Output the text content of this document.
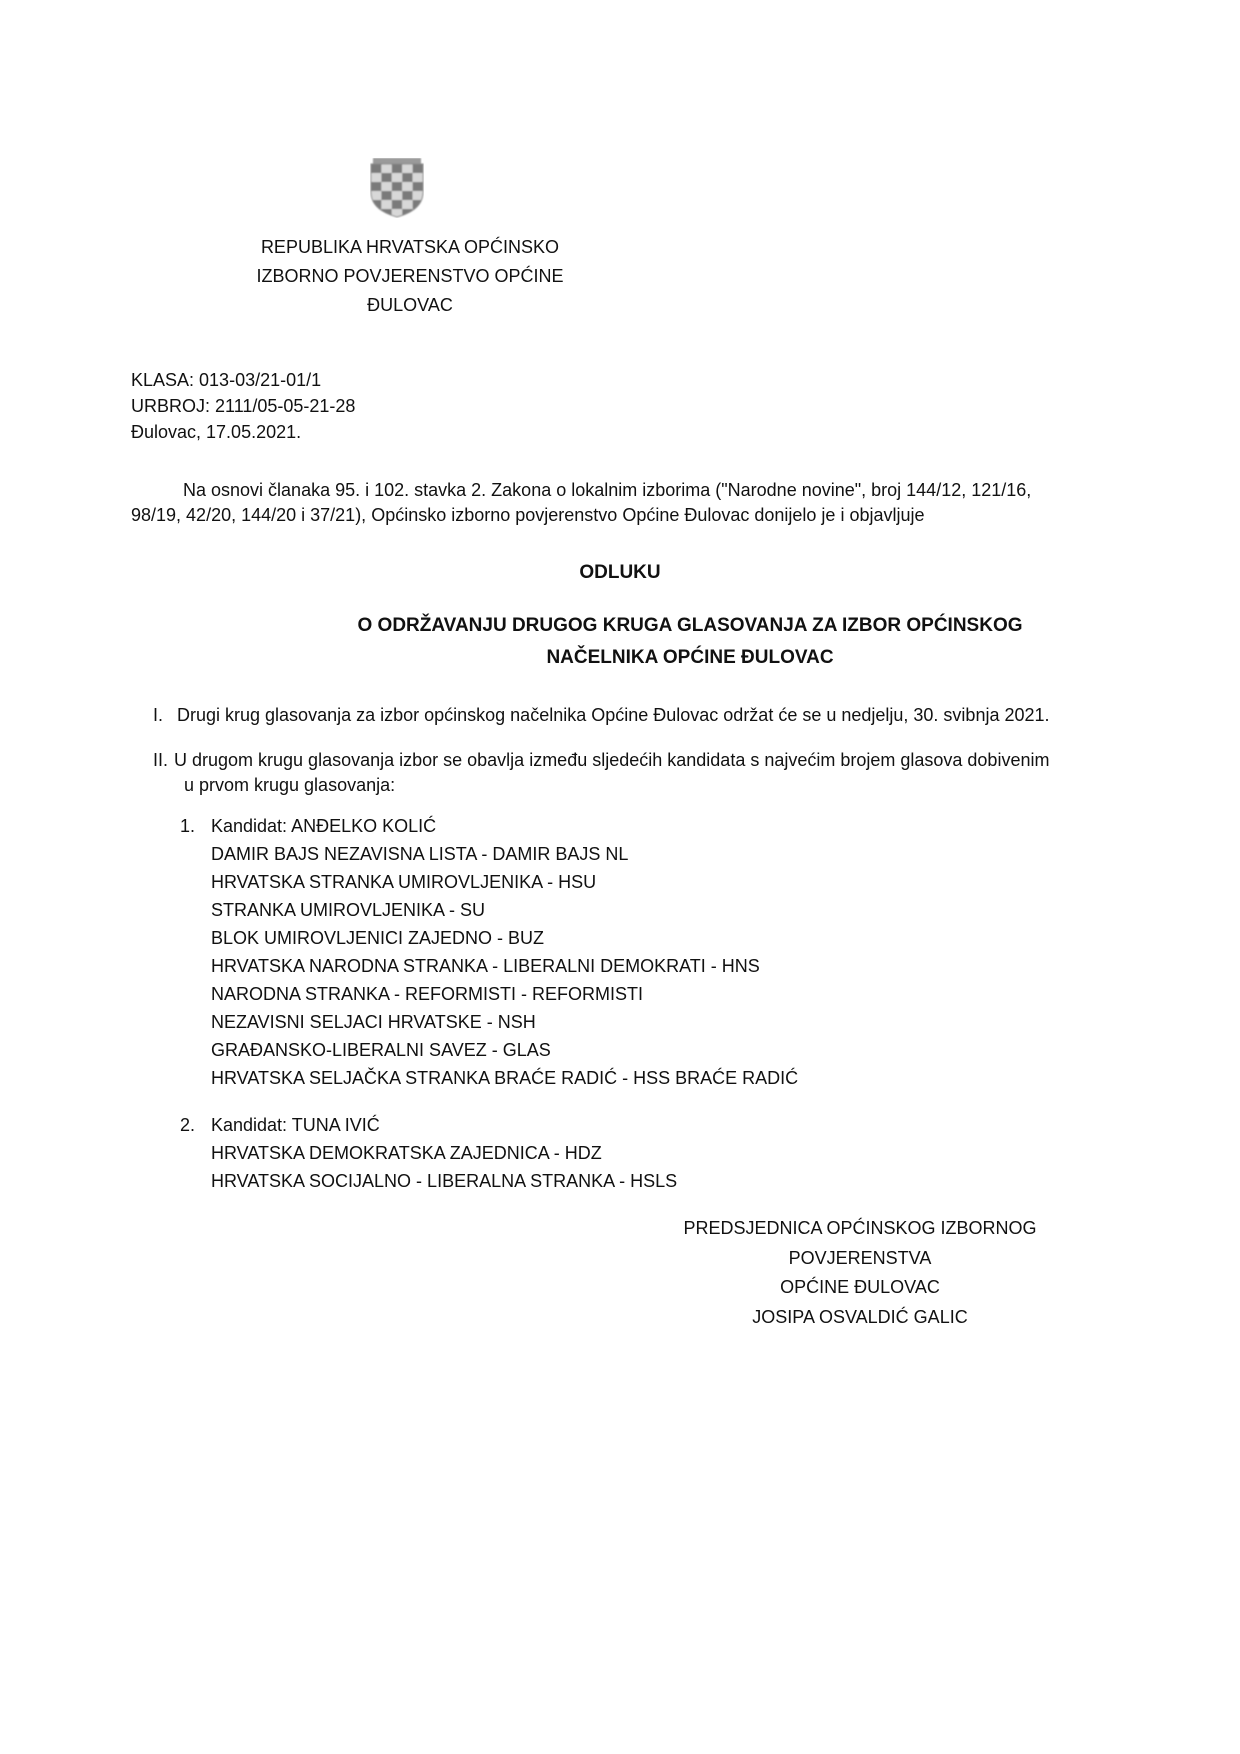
REPUBLIKA HRVATSKA OPĆINSKO
IZBORNO POVJERENSTVO OPĆINE
ĐULOVAC
KLASA: 013-03/21-01/1
URBROJ: 2111/05-05-21-28
Đulovac, 17.05.2021.
Na osnovi članaka 95. i 102. stavka 2. Zakona o lokalnim izborima ("Narodne novine", broj 144/12, 121/16,
98/19, 42/20, 144/20 i 37/21), Općinsko izborno povjerenstvo Općine Đulovac donijelo je i objavljuje
ODLUKU
O ODRŽAVANJU DRUGOG KRUGA GLASOVANJA ZA IZBOR OPĆINSKOG
NAČELNIKA OPĆINE ĐULOVAC
I. Drugi krug glasovanja za izbor općinskog načelnika Općine Đulovac održat će se u nedjelju, 30. svibnja 2021.
II. U drugom krugu glasovanja izbor se obavlja između sljedećih kandidata s najvećim brojem glasova dobivenim
u prvom krugu glasovanja:
1. Kandidat: ANĐELKO KOLIĆ
DAMIR BAJS NEZAVISNA LISTA - DAMIR BAJS NL
HRVATSKA STRANKA UMIROVLJENIKA - HSU
STRANKA UMIROVLJENIKA - SU
BLOK UMIROVLJENICI ZAJEDNO - BUZ
HRVATSKA NARODNA STRANKA - LIBERALNI DEMOKRATI - HNS
NARODNA STRANKA - REFORMISTI - REFORMISTI
NEZAVISNI SELJACI HRVATSKE - NSH
GRAĐANSKO-LIBERALNI SAVEZ - GLAS
HRVATSKA SELJAČKA STRANKA BRAĆE RADIĆ - HSS BRAĆE RADIĆ
2. Kandidat: TUNA IVIĆ
HRVATSKA DEMOKRATSKA ZAJEDNICA - HDZ
HRVATSKA SOCIJALNO - LIBERALNA STRANKA - HSLS
PREDSJEDNICA OPĆINSKOG IZBORNOG
POVJERENSTVA
OPĆINE ĐULOVAC
JOSIPA OSVALDIĆ GALIC
